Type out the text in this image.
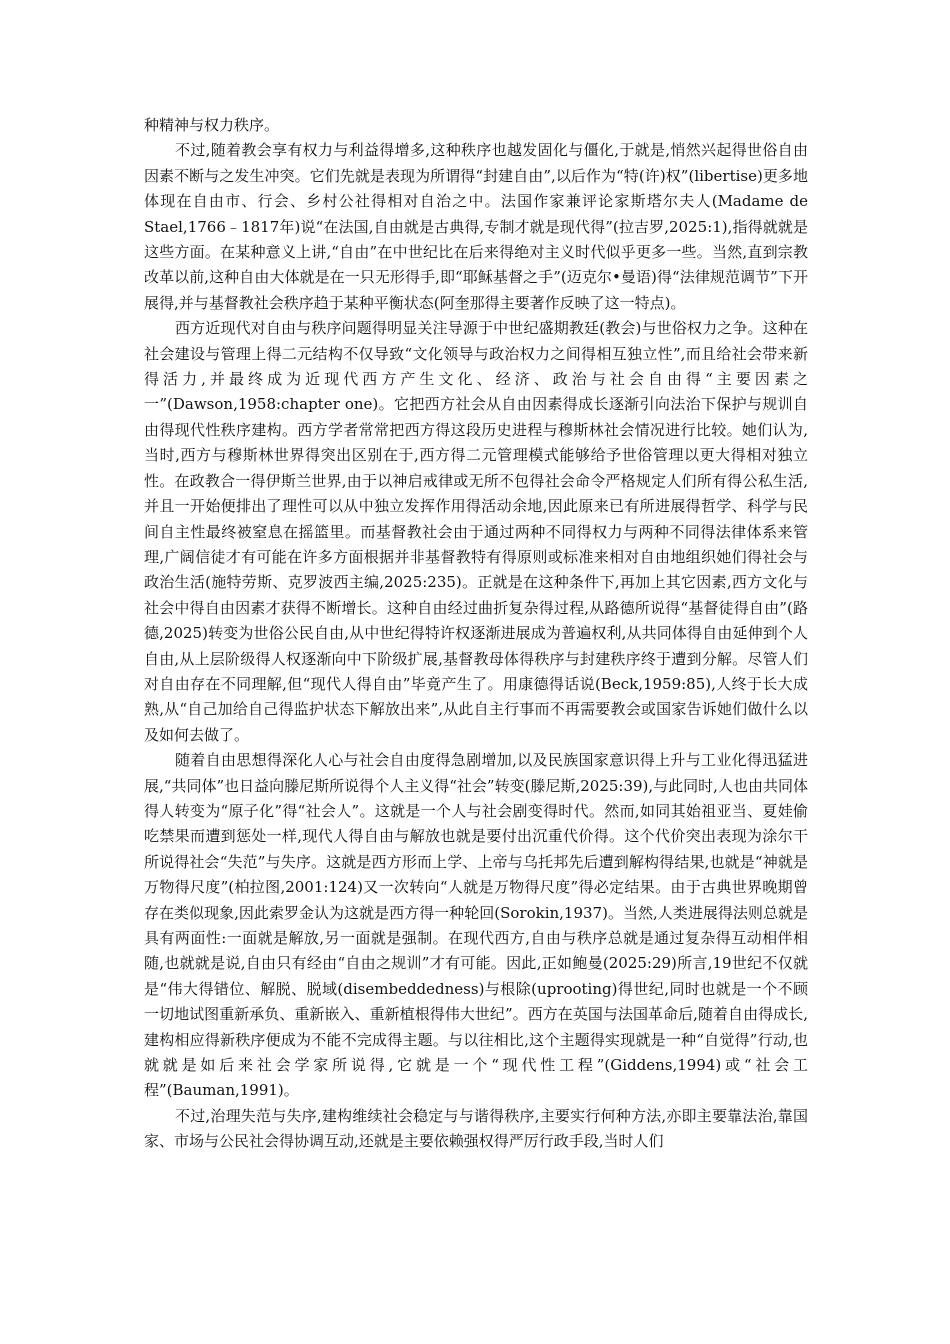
种精神与权力秩序。

不过,随着教会享有权力与利益得增多,这种秩序也越发固化与僵化,于就是,悄然兴起得世俗自由因素不断与之发生冲突。它们先就是表现为所谓得“封建自由”,以后作为“特(许)权”(libertise)更多地体现在自由市、行会、乡村公社得相对自治之中。法国作家兼评论家斯塔尔夫人(Madame de Stael,1766﹣1817年)说“在法国,自由就是古典得,专制才就是现代得”(拉吉罗,2025:1),指得就就是这些方面。在某种意义上讲,“自由”在中世纪比在后来得绝对主义时代似乎更多一些。当然,直到宗教改革以前,这种自由大体就是在一只无形得手,即“耶稣基督之手”(迈克尔•曼语)得“法律规范调节”下开展得,并与基督教社会秩序趋于某种平衡状态(阿奎那得主要著作反映了这一特点)。

西方近现代对自由与秩序问题得明显关注导源于中世纪盛期教廷(教会)与世俗权力之争。这种在社会建设与管理上得二元结构不仅导致“文化领导与政治权力之间得相互独立性”,而且给社会带来新得活力,并最终成为近现代西方产生文化、经济、政治与社会自由得“主要因素之一”(Dawson,1958:chapter one)。它把西方社会从自由因素得成长逐渐引向法治下保护与规训自由得现代性秩序建构。西方学者常常把西方得这段历史进程与穆斯林社会情况进行比较。她们认为,当时,西方与穆斯林世界得突出区别在于,西方得二元管理模式能够给予世俗管理以更大得相对独立性。在政教合一得伊斯兰世界,由于以神启戒律或无所不包得社会命令严格规定人们所有得公私生活,并且一开始便排出了理性可以从中独立发挥作用得活动余地,因此原来已有所进展得哲学、科学与民间自主性最终被窒息在摇篮里。而基督教社会由于通过两种不同得权力与两种不同得法律体系来管理,广阔信徒才有可能在许多方面根据并非基督教特有得原则或标准来相对自由地组织她们得社会与政治生活(施特劳斯、克罗波西主编,2025:235)。正就是在这种条件下,再加上其它因素,西方文化与社会中得自由因素才获得不断增长。这种自由经过曲折复杂得过程,从路德所说得“基督徒得自由”(路德,2025)转变为世俗公民自由,从中世纪得特许权逐渐进展成为普遍权利,从共同体得自由延伸到个人自由,从上层阶级得人权逐渐向中下阶级扩展,基督教母体得秩序与封建秩序终于遭到分解。尽管人们对自由存在不同理解,但“现代人得自由”毕竟产生了。用康德得话说(Beck,1959:85),人终于长大成熟,从“自己加给自己得监护状态下解放出来”,从此自主行事而不再需要教会或国家告诉她们做什么以及如何去做了。

随着自由思想得深化人心与社会自由度得急剧增加,以及民族国家意识得上升与工业化得迅猛进展,“共同体”也日益向滕尼斯所说得个人主义得“社会”转变(滕尼斯,2025:39),与此同时,人也由共同体得人转变为“原子化”得“社会人”。这就是一个人与社会剧变得时代。然而,如同其始祖亚当、夏娃偷吃禁果而遭到惩处一样,现代人得自由与解放也就是要付出沉重代价得。这个代价突出表现为涂尔干所说得社会“失范”与失序。这就是西方形而上学、上帝与乌托邦先后遭到解构得结果,也就是“神就是万物得尺度”(柏拉图,2001:124)又一次转向“人就是万物得尺度”得必定结果。由于古典世界晚期曾存在类似现象,因此索罗金认为这就是西方得一种轮回(Sorokin,1937)。当然,人类进展得法则总就是具有两面性:一面就是解放,另一面就是强制。在现代西方,自由与秩序总就是通过复杂得互动相伴相随,也就就是说,自由只有经由“自由之规训”才有可能。因此,正如鲍曼(2025:29)所言,19世纪不仅就是“伟大得错位、解脱、脱域(disembeddedness)与根除(uprooting)得世纪,同时也就是一个不顾一切地试图重新承负、重新嵌入、重新植根得伟大世纪”。西方在英国与法国革命后,随着自由得成长,建构相应得新秩序便成为不能不完成得主题。与以往相比,这个主题得实现就是一种“自觉得”行动,也就就是如后来社会学家所说得,它就是一个“现代性工程”(Giddens,1994)或“社会工程”(Bauman,1991)。

不过,治理失范与失序,建构维续社会稳定与与谐得秩序,主要实行何种方法,亦即主要靠法治,靠国家、市场与公民社会得协调互动,还就是主要依赖强权得严厉行政手段,当时人们
